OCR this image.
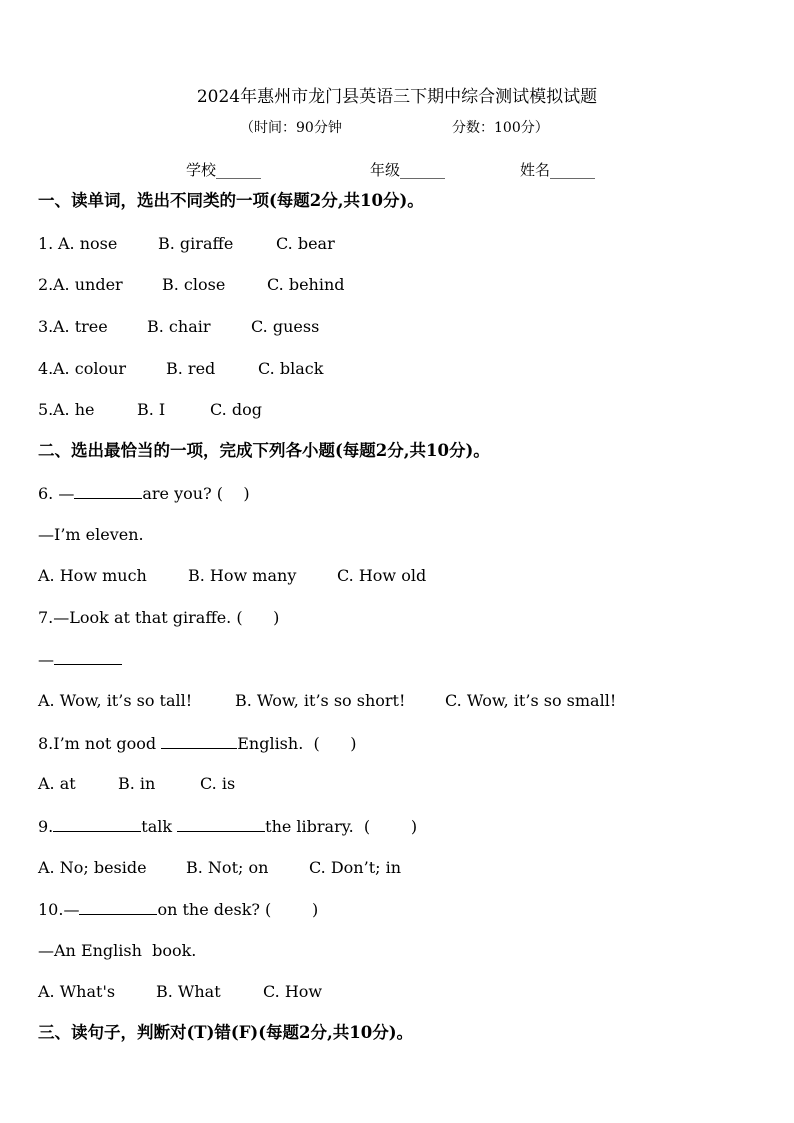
2024年惠州市龙门县英语三下期中综合测试模拟试题
（时间：90分钟	分数：100分）
学校______	年级______	姓名______
一、读单词，选出不同类的一项(每题2分,共10分)。
1. A. nose	B. giraffe	C. bear
2. A. under B. close	C. behind
3. A. tree B. chair	C. guess
4. A. colour B. red	C. black
5. A. he	B. I	C. dog
二、选出最恰当的一项，完成下列各小题(每题2分,共10分)。
6. —	are you? (    )
—I’m eleven.
A. How much	B. How many	C. How old
7.—Look at that giraffe. (      )
—
A. Wow, it’s so tall!	B. Wow, it’s so short! C. Wow, it’s so small!
8.I’m not good	English.  (      )
A. at	B. in	C. is
9.	talk	the library.  (        )
A. No; beside B. Not; on	C. Don’t; in
10.—	on the desk? (        )
—An English  book.
A. What's	B. What	C. How
三、读句子，判断对(T)错(F)(每题2分,共10分)。
